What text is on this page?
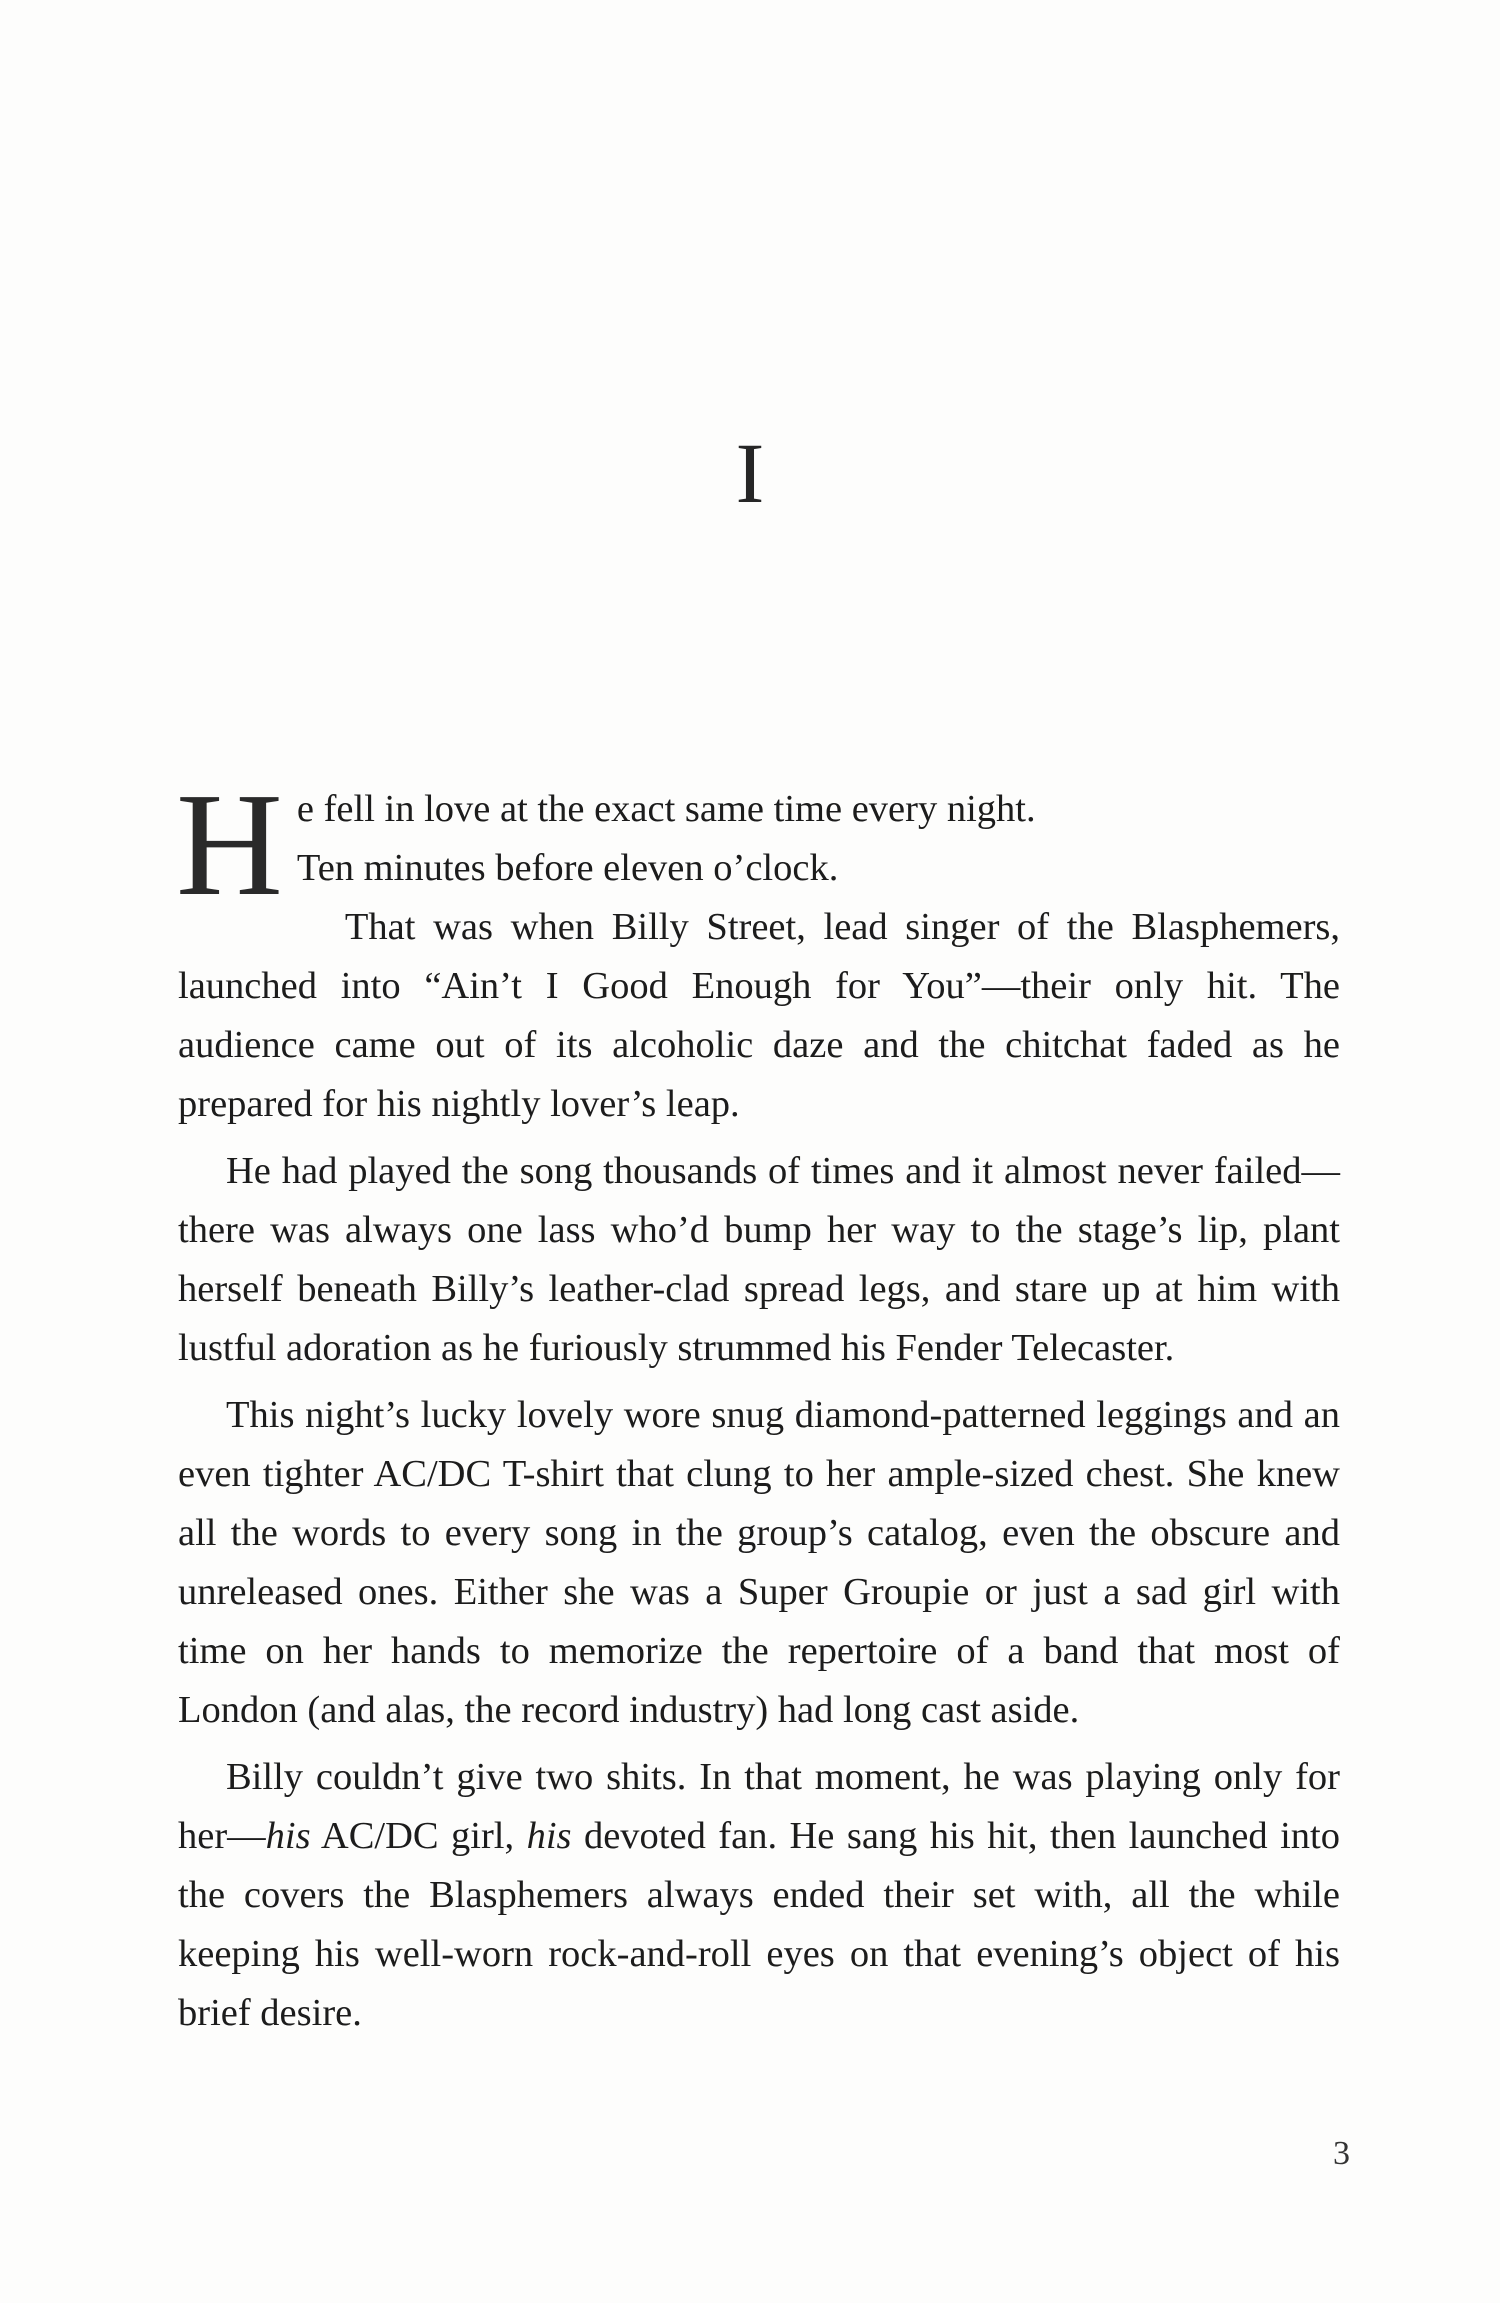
I

He fell in love at the exact same time every night.
Ten minutes before eleven o’clock.

That was when Billy Street, lead singer of the Blasphemers, launched into “Ain’t I Good Enough for You”—their only hit. The audience came out of its alcoholic daze and the chitchat faded as he prepared for his nightly lover’s leap.

He had played the song thousands of times and it almost never failed—there was always one lass who’d bump her way to the stage’s lip, plant herself beneath Billy’s leather-clad spread legs, and stare up at him with lustful adoration as he furiously strummed his Fender Telecaster.

This night’s lucky lovely wore snug diamond-patterned leggings and an even tighter AC/DC T-shirt that clung to her ample-sized chest. She knew all the words to every song in the group’s catalog, even the obscure and unreleased ones. Either she was a Super Groupie or just a sad girl with time on her hands to memorize the repertoire of a band that most of London (and alas, the record industry) had long cast aside.

Billy couldn’t give two shits. In that moment, he was playing only for her—his AC/DC girl, his devoted fan. He sang his hit, then launched into the covers the Blasphemers always ended their set with, all the while keeping his well-worn rock-and-roll eyes on that evening’s object of his brief desire.

3
